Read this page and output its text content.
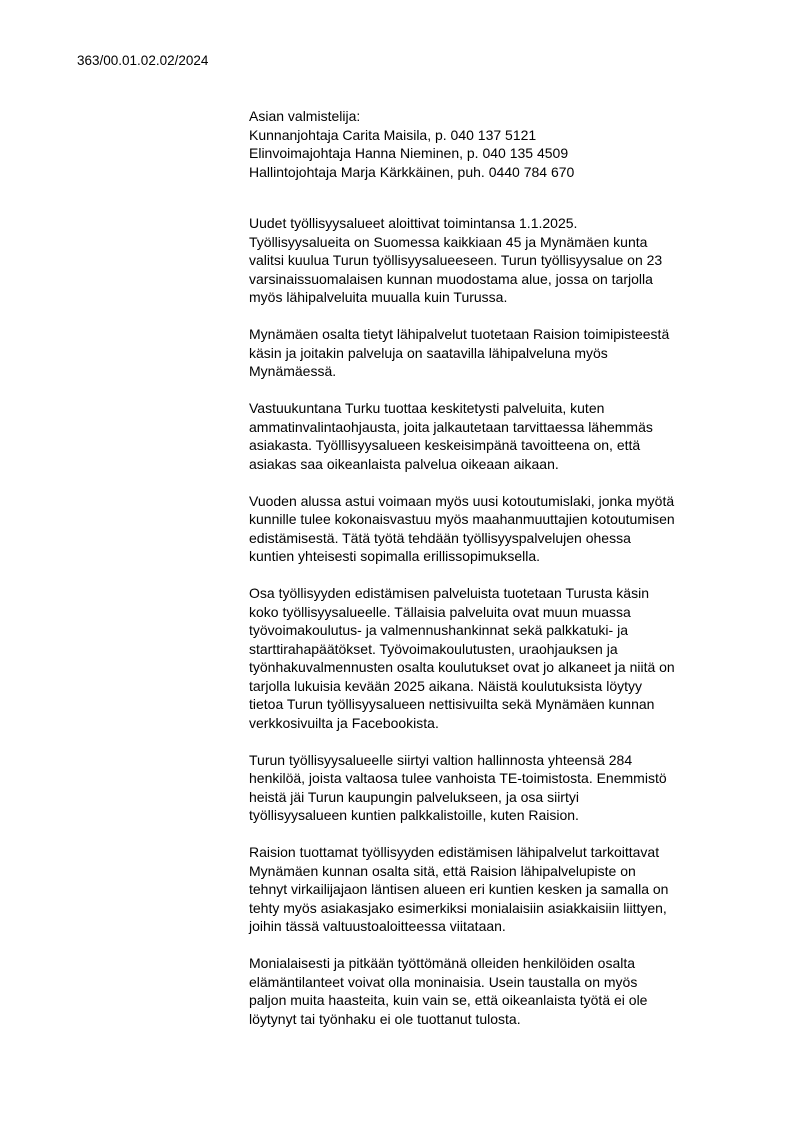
363/00.01.02.02/2024

Asian valmistelija:
Kunnanjohtaja Carita Maisila, p. 040 137 5121
Elinvoimajohtaja Hanna Nieminen, p. 040 135 4509
Hallintojohtaja Marja Kärkkäinen, puh. 0440 784 670
Uudet työllisyysalueet aloittivat toimintansa 1.1.2025.
Työllisyysalueita on Suomessa kaikkiaan 45 ja Mynämäen kunta
valitsi kuulua Turun työllisyysalueeseen. Turun työllisyysalue on 23
varsinaissuomalaisen kunnan muodostama alue, jossa on tarjolla
myös lähipalveluita muualla kuin Turussa.
Mynämäen osalta tietyt lähipalvelut tuotetaan Raision toimipisteestä
käsin ja joitakin palveluja on saatavilla lähipalveluna myös
Mynämäessä.
Vastuukuntana Turku tuottaa keskitetysti palveluita, kuten
ammatinvalintaohjausta, joita jalkautetaan tarvittaessa lähemmäs
asiakasta. Työlllisyysalueen keskeisimpänä tavoitteena on, että
asiakas saa oikeanlaista palvelua oikeaan aikaan.
Vuoden alussa astui voimaan myös uusi kotoutumislaki, jonka myötä
kunnille tulee kokonaisvastuu myös maahanmuuttajien kotoutumisen
edistämisestä. Tätä työtä tehdään työllisyyspalvelujen ohessa
kuntien yhteisesti sopimalla erillissopimuksella.
Osa työllisyyden edistämisen palveluista tuotetaan Turusta käsin
koko työllisyysalueelle. Tällaisia palveluita ovat muun muassa
työvoimakoulutus- ja valmennushankinnat sekä palkkatuki- ja
starttirahapäätökset. Työvoimakoulutusten, uraohjauksen ja
työnhakuvalmennusten osalta koulutukset ovat jo alkaneet ja niitä on
tarjolla lukuisia kevään 2025 aikana. Näistä koulutuksista löytyy
tietoa Turun työllisyysalueen nettisivuilta sekä Mynämäen kunnan
verkkosivuilta ja Facebookista.
Turun työllisyysalueelle siirtyi valtion hallinnosta yhteensä 284
henkilöä, joista valtaosa tulee vanhoista TE-toimistosta. Enemmistö
heistä jäi Turun kaupungin palvelukseen, ja osa siirtyi
työllisyysalueen kuntien palkkalistoille, kuten Raision.
Raision tuottamat työllisyyden edistämisen lähipalvelut tarkoittavat
Mynämäen kunnan osalta sitä, että Raision lähipalvelupiste on
tehnyt virkailijajaon läntisen alueen eri kuntien kesken ja samalla on
tehty myös asiakasjako esimerkiksi monialaisiin asiakkaisiin liittyen,
joihin tässä valtuustoaloitteessa viitataan.
Monialaisesti ja pitkään työttömänä olleiden henkilöiden osalta
elämäntilanteet voivat olla moninaisia. Usein taustalla on myös
paljon muita haasteita, kuin vain se, että oikeanlaista työtä ei ole
löytynyt tai työnhaku ei ole tuottanut tulosta.
